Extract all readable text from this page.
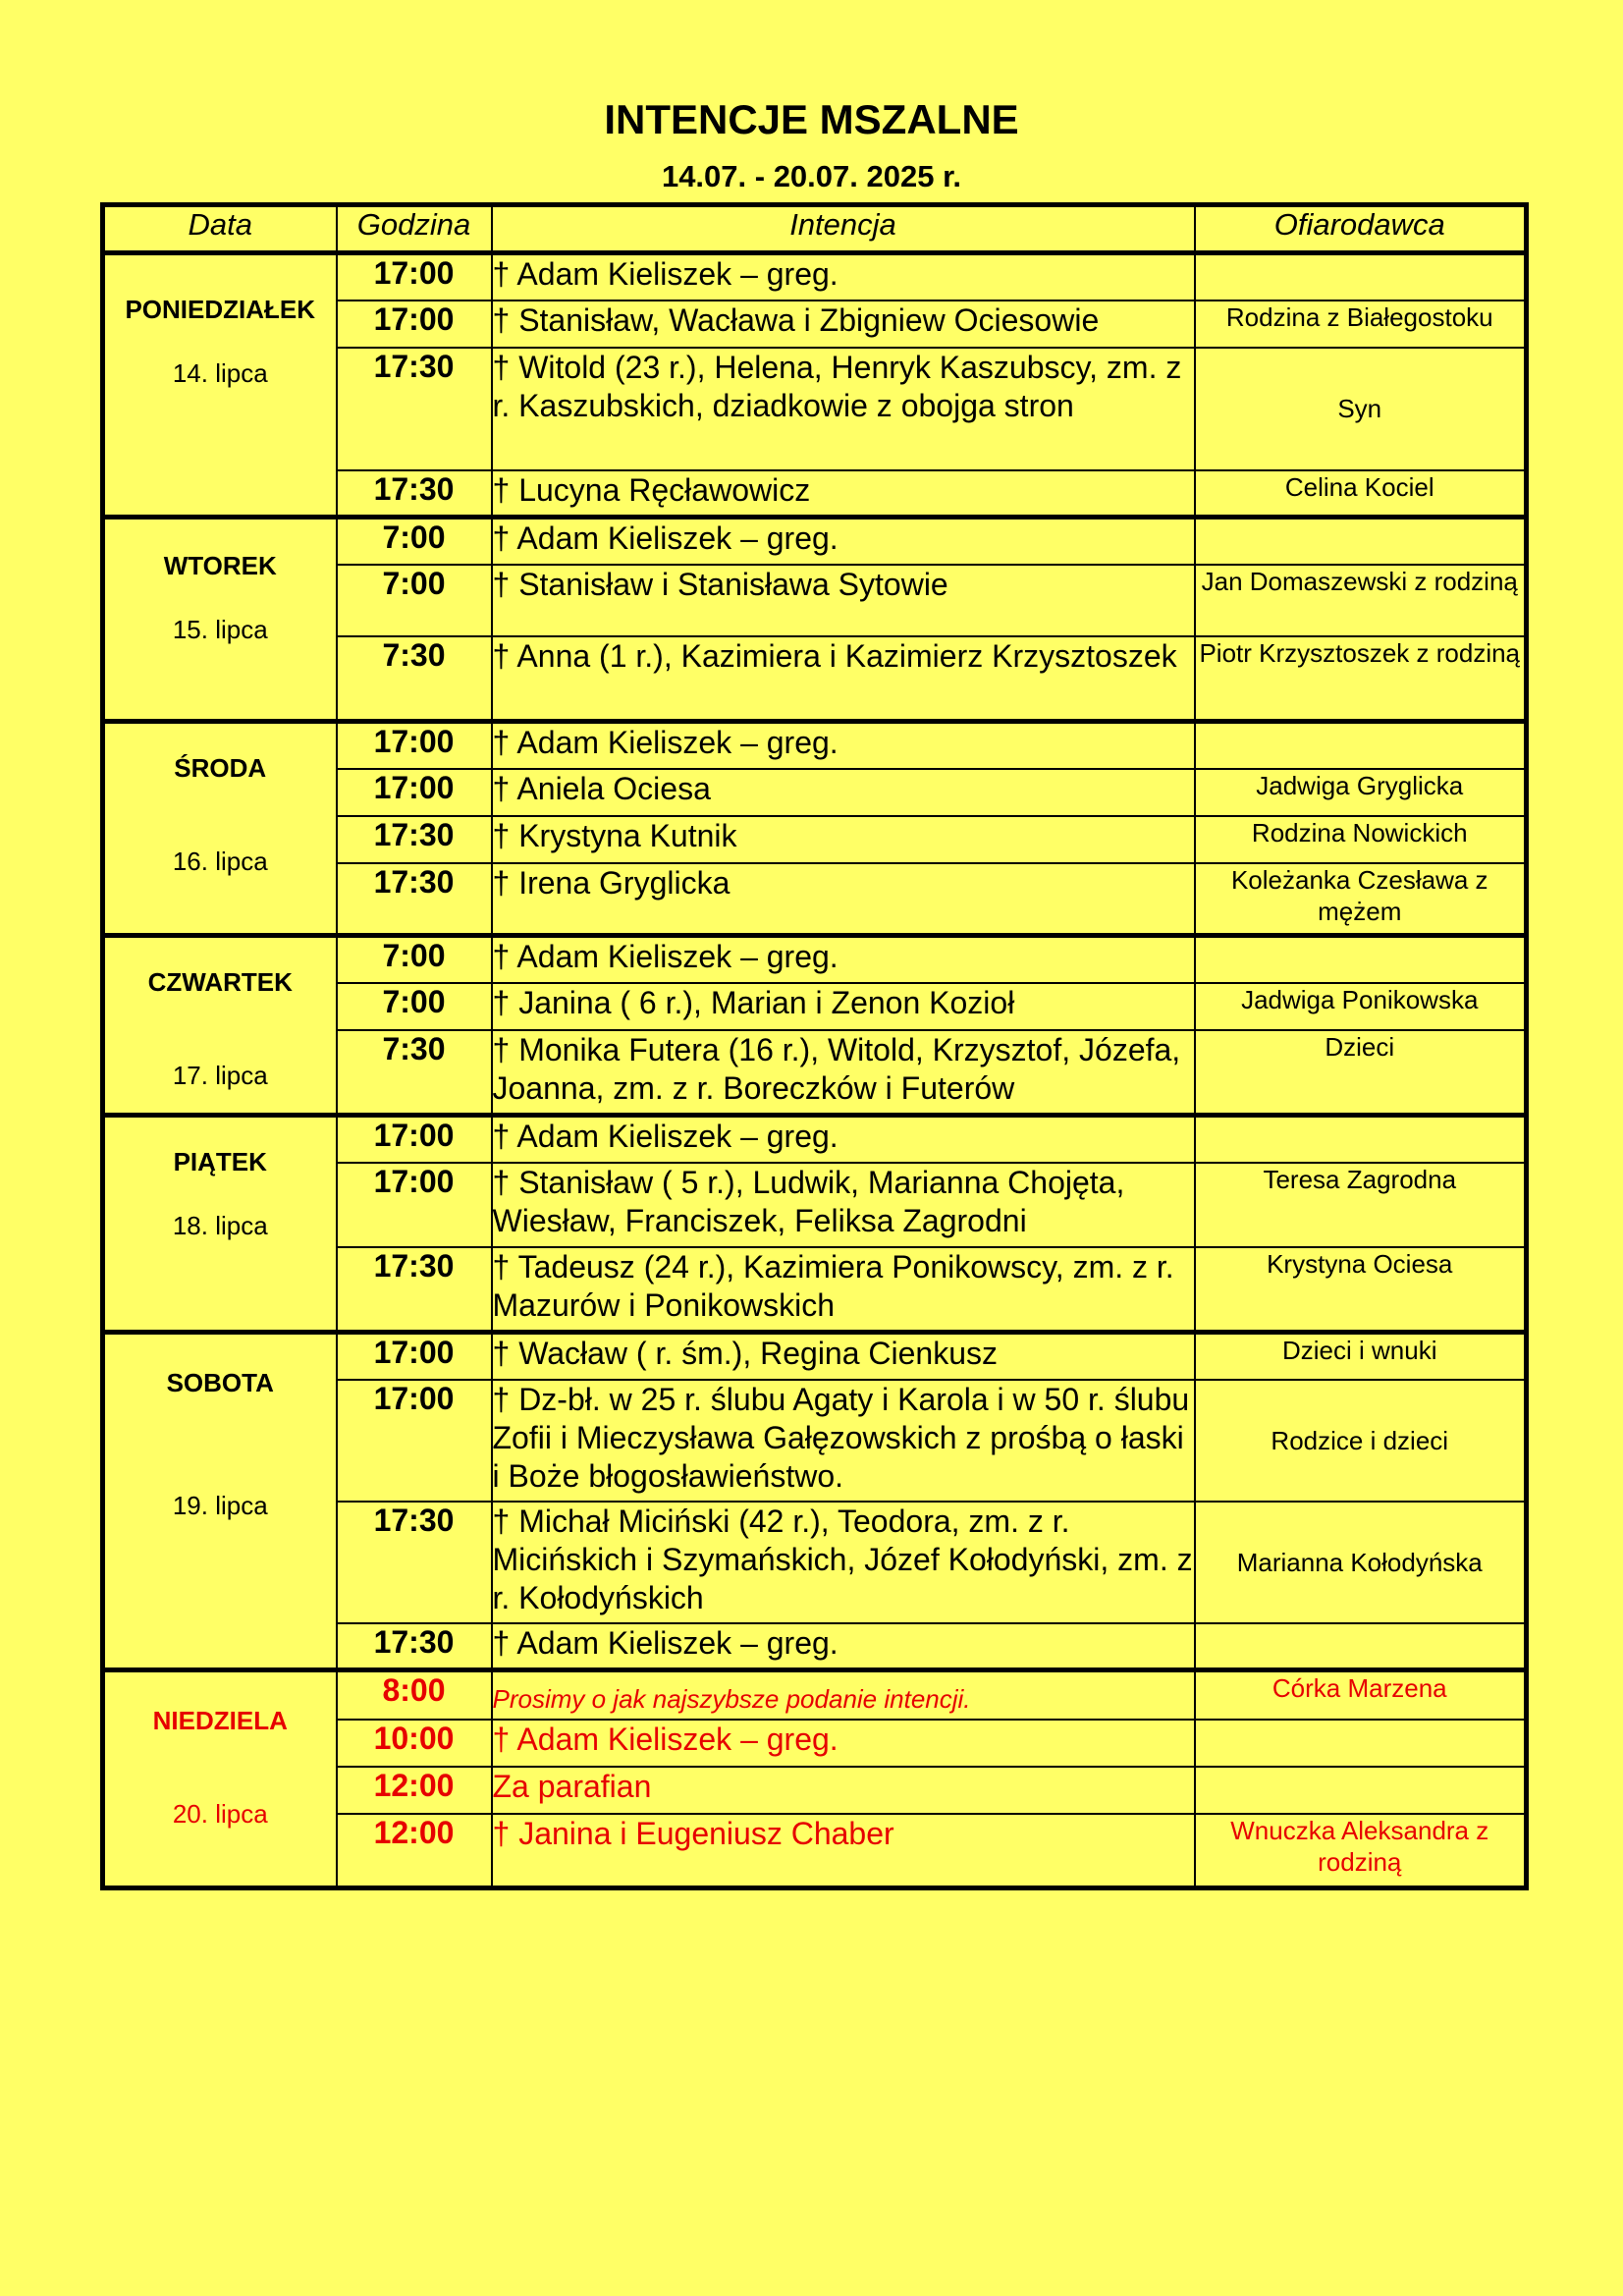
INTENCJE MSZALNE
14.07. - 20.07. 2025 r.
Data	Godzina	Intencja	Ofiarodawca

PONIEDZIAŁEK
14. lipca	17:00	† Adam Kieliszek – greg.	
	17:00	† Stanisław, Wacława i Zbigniew Ociesowie	Rodzina z Białegostoku
	17:30	† Witold (23 r.), Helena, Henryk Kaszubscy, zm. z r. Kaszubskich, dziadkowie z obojga stron	Syn
	17:30	† Lucyna Ręcławowicz	Celina Kociel

WTOREK
15. lipca	7:00	† Adam Kieliszek – greg.	
	7:00	† Stanisław i Stanisława Sytowie	Jan Domaszewski z rodziną
	7:30	† Anna (1 r.), Kazimiera i Kazimierz Krzysztoszek	Piotr Krzysztoszek z rodziną

ŚRODA
16. lipca	17:00	† Adam Kieliszek – greg.	
	17:00	† Aniela Ociesa	Jadwiga Gryglicka
	17:30	† Krystyna Kutnik	Rodzina Nowickich
	17:30	† Irena Gryglicka	Koleżanka Czesława z mężem

CZWARTEK
17. lipca	7:00	† Adam Kieliszek – greg.	
	7:00	† Janina ( 6 r.), Marian i Zenon Kozioł	Jadwiga Ponikowska
	7:30	† Monika Futera (16 r.), Witold, Krzysztof, Józefa, Joanna, zm. z r. Boreczków i Futerów	Dzieci

PIĄTEK
18. lipca	17:00	† Adam Kieliszek – greg.	
	17:00	† Stanisław ( 5 r.), Ludwik, Marianna Chojęta, Wiesław, Franciszek, Feliksa Zagrodni	Teresa Zagrodna
	17:30	† Tadeusz (24 r.), Kazimiera Ponikowscy, zm. z r. Mazurów i Ponikowskich	Krystyna Ociesa

SOBOTA
19. lipca	17:00	† Wacław ( r. śm.), Regina Cienkusz	Dzieci i wnuki
	17:00	† Dz-bł. w 25 r. ślubu Agaty i Karola i w 50 r. ślubu Zofii i Mieczysława Gałęzowskich z prośbą o łaski i Boże błogosławieństwo.	Rodzice i dzieci
	17:30	† Michał Miciński (42 r.), Teodora, zm. z r. Micińskich i Szymańskich, Józef Kołodyński, zm. z r. Kołodyńskich	Marianna Kołodyńska
	17:30	† Adam Kieliszek – greg.	

NIEDZIELA
20. lipca	8:00	Prosimy o jak najszybsze podanie intencji.	Córka Marzena
	10:00	† Adam Kieliszek – greg.	
	12:00	Za parafian	
	12:00	† Janina i Eugeniusz Chaber	Wnuczka Aleksandra z rodziną
